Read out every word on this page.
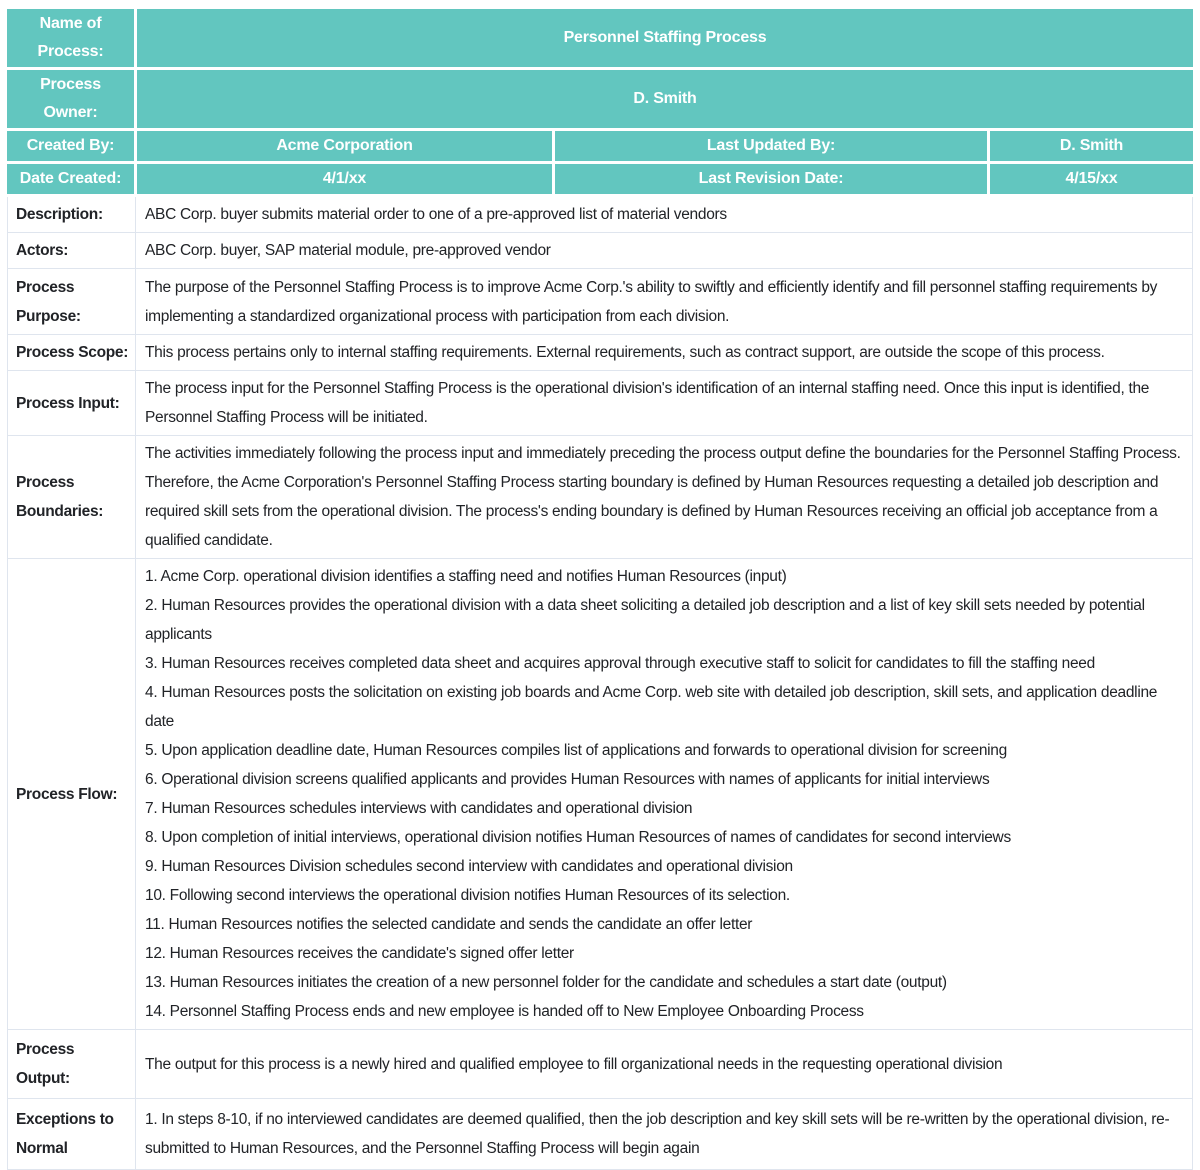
Name of Process:
Personnel Staffing Process
Process Owner:
D. Smith
Created By:	Acme Corporation	Last Updated By:	D. Smith
Date Created:	4/1/xx	Last Revision Date:	4/15/xx
Description:	ABC Corp. buyer submits material order to one of a pre-approved list of material vendors
Actors:	ABC Corp. buyer, SAP material module, pre-approved vendor
Process Purpose:
The purpose of the Personnel Staffing Process is to improve Acme Corp.'s ability to swiftly and efficiently identify and fill personnel staffing requirements by implementing a standardized organizational process with participation from each division.
Process Scope:	This process pertains only to internal staffing requirements. External requirements, such as contract support, are outside the scope of this process.
Process Input:
The process input for the Personnel Staffing Process is the operational division's identification of an internal staffing need. Once this input is identified, the Personnel Staffing Process will be initiated.
Process Boundaries:
The activities immediately following the process input and immediately preceding the process output define the boundaries for the Personnel Staffing Process. Therefore, the Acme Corporation's Personnel Staffing Process starting boundary is defined by Human Resources requesting a detailed job description and required skill sets from the operational division. The process's ending boundary is defined by Human Resources receiving an official job acceptance from a qualified candidate.
Process Flow:
1. Acme Corp. operational division identifies a staffing need and notifies Human Resources (input)
2. Human Resources provides the operational division with a data sheet soliciting a detailed job description and a list of key skill sets needed by potential applicants
3. Human Resources receives completed data sheet and acquires approval through executive staff to solicit for candidates to fill the staffing need
4. Human Resources posts the solicitation on existing job boards and Acme Corp. web site with detailed job description, skill sets, and application deadline date
5. Upon application deadline date, Human Resources compiles list of applications and forwards to operational division for screening
6. Operational division screens qualified applicants and provides Human Resources with names of applicants for initial interviews
7. Human Resources schedules interviews with candidates and operational division
8. Upon completion of initial interviews, operational division notifies Human Resources of names of candidates for second interviews
9. Human Resources Division schedules second interview with candidates and operational division
10. Following second interviews the operational division notifies Human Resources of its selection.
11. Human Resources notifies the selected candidate and sends the candidate an offer letter
12. Human Resources receives the candidate's signed offer letter
13. Human Resources initiates the creation of a new personnel folder for the candidate and schedules a start date (output)
14. Personnel Staffing Process ends and new employee is handed off to New Employee Onboarding Process
Process Output:
The output for this process is a newly hired and qualified employee to fill organizational needs in the requesting operational division
Exceptions to Normal
1. In steps 8-10, if no interviewed candidates are deemed qualified, then the job description and key skill sets will be re-written by the operational division, re-submitted to Human Resources, and the Personnel Staffing Process will begin again
